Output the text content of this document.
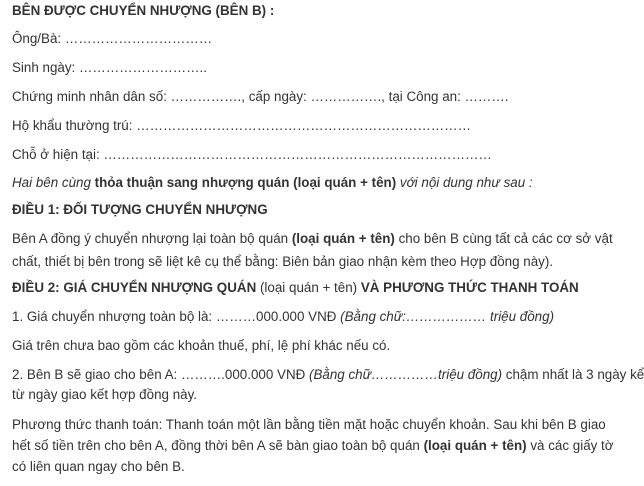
BÊN ĐƯỢC CHUYỂN NHƯỢNG (BÊN B) :
Ông/Bà: ……………………………
Sinh ngày: ………………………..
Chứng minh nhân dân số: ……………., cấp ngày: ……………., tại Công an: ……….
Hộ khẩu thường trú: …………………………………………………………………
Chỗ ở hiện tại: ……………………………………………………………………………
Hai bên cùng thỏa thuận sang nhượng quán (loại quán + tên) với nội dung như sau :
ĐIỀU 1: ĐỐI TƯỢNG CHUYỂN NHƯỢNG
Bên A đồng ý chuyển nhượng lại toàn bộ quán (loại quán + tên) cho bên B cùng tất cả các cơ sở vật
chất, thiết bị bên trong sẽ liệt kê cụ thể bằng: Biên bản giao nhận kèm theo Hợp đồng này).
ĐIỀU 2: GIÁ CHUYỂN NHƯỢNG QUÁN (loại quán + tên) VÀ PHƯƠNG THỨC THANH TOÁN
1. Giá chuyển nhượng toàn bộ là: ………000.000 VNĐ (Bằng chữ:……………… triệu đồng)
Giá trên chưa bao gồm các khoản thuế, phí, lệ phí khác nếu có.
2. Bên B sẽ giao cho bên A: ……….000.000 VNĐ (Bằng chữ……………triệu đồng) chậm nhất là 3 ngày kể
từ ngày giao kết hợp đồng này.
Phương thức thanh toán: Thanh toán một lần bằng tiền mặt hoặc chuyển khoản. Sau khi bên B giao
hết số tiền trên cho bên A, đồng thời bên A sẽ bàn giao toàn bộ quán (loại quán + tên) và các giấy tờ
có liên quan ngay cho bên B.
